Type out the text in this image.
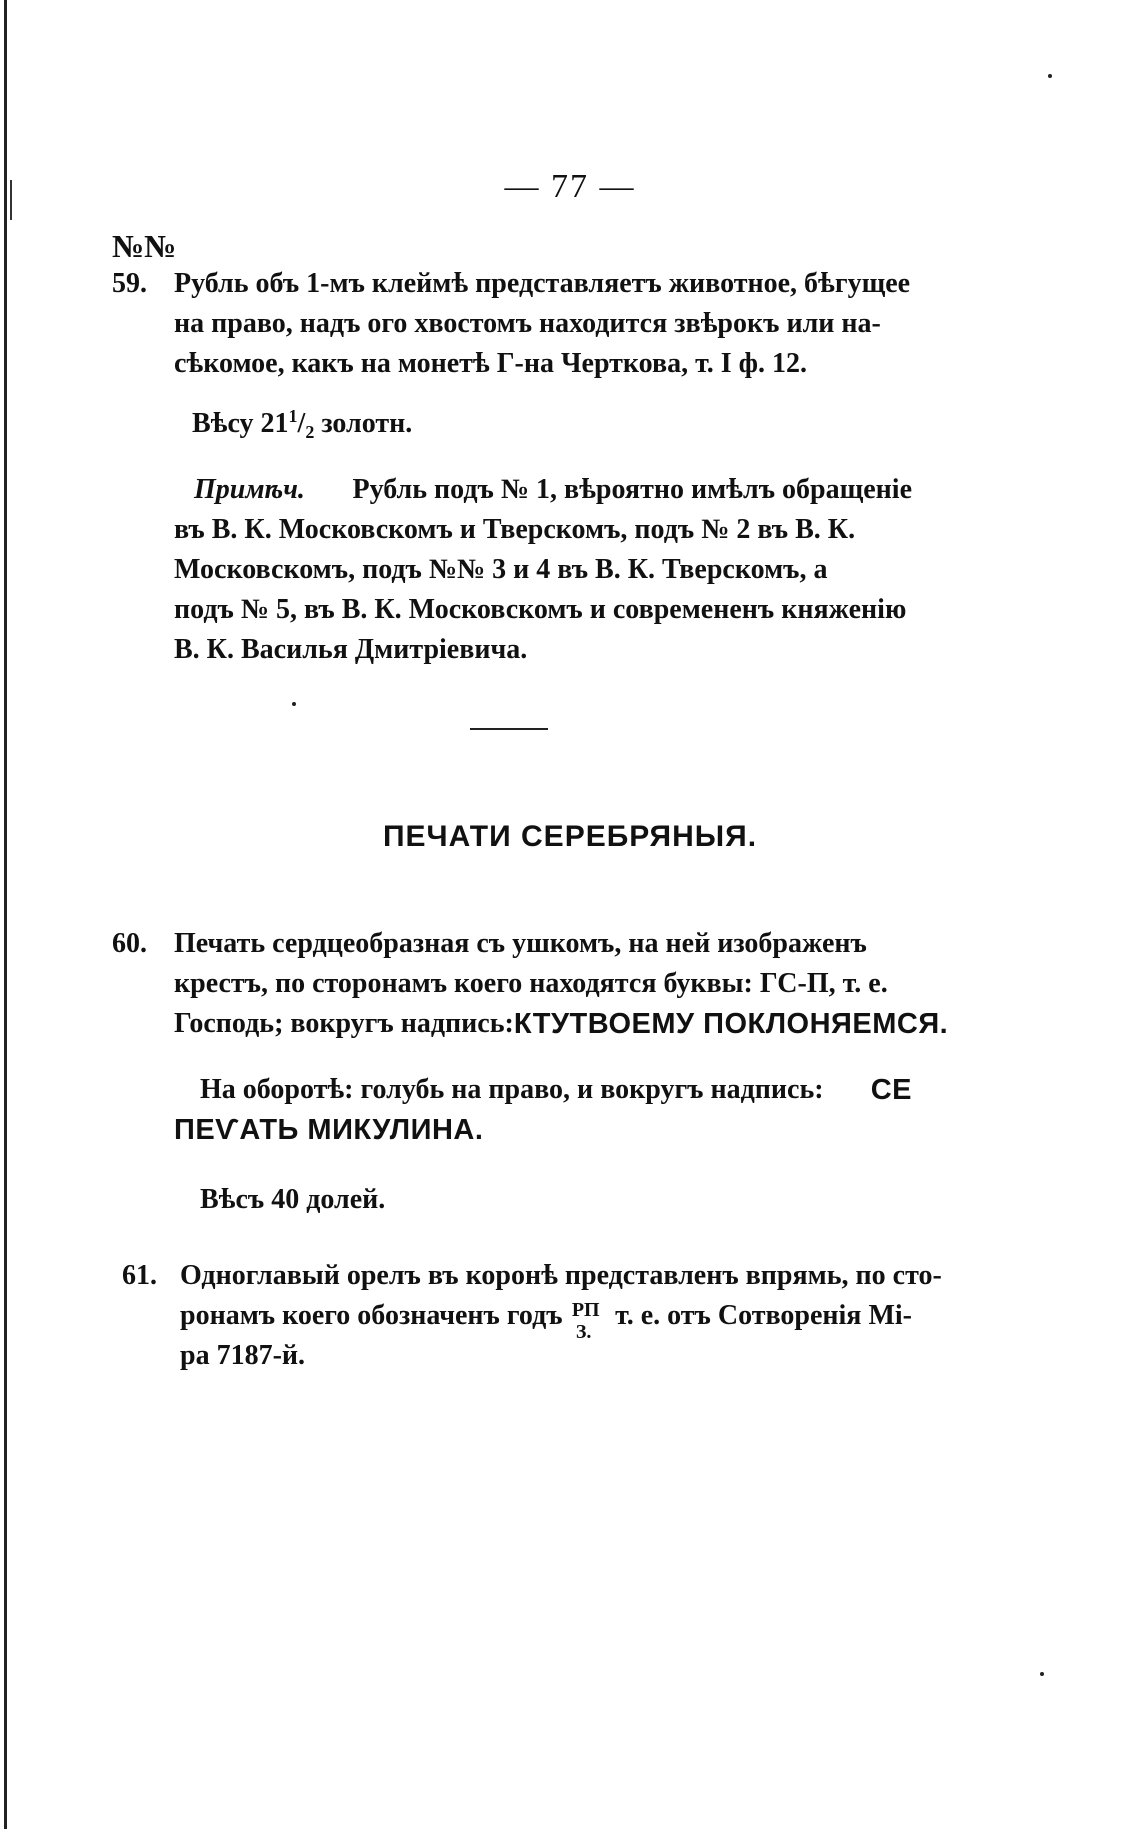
— 77 —
№№
59. Рубль объ 1-мъ клеймѣ представляетъ животное, бѣгущее
на право, надъ ого хвостомъ находится звѣрокъ или на-
сѣкомое, какъ на монетѣ Г-на Черткова, т. I ф. 12.
Вѣсу $21^1/_2$ золотн.
Примѣч. Рубль подъ № 1, вѣроятно имѣлъ обращеніе
въ В. К. Московскомъ и Тверскомъ, подъ № 2 въ В. К.
Московскомъ, подъ №№ 3 и 4 въ В. К. Тверскомъ, а
подъ № 5, въ В. К. Московскомъ и современенъ княженію
В. К. Василья Дмитріевича.
ПЕЧАТИ СЕРЕБРЯНЫЯ.
60. Печать сердцеобразная съ ушкомъ, на ней изображенъ
крестъ, по сторонамъ коего находятся буквы: ГС-П, т. е.
Господь; вокругъ надпись: КТУТВОЕМУ ПОКЛОНЯЕМСЯ.
На оборотѣ: голубь на право, и вокругъ надпись: СЕ
ПЕѴАТЬ МИКУЛИНА.
Вѣсъ 40 долей.
61. Одноглавый орелъ въ коронѣ представленъ впрямь, по сто-
ронамъ коего обозначенъ годъ РП
З.
т. е. отъ Сотворенія Мі-
ра 7187-й.
